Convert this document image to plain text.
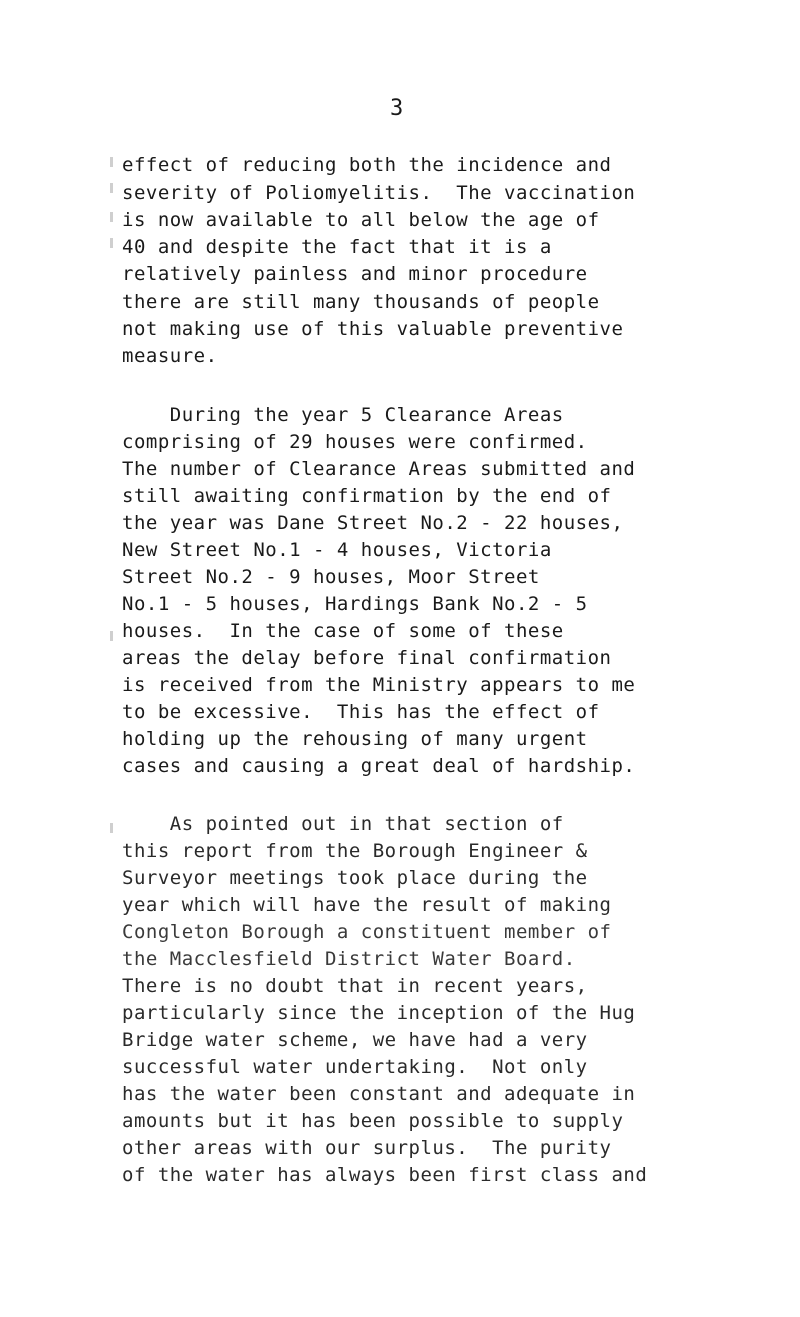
3
effect of reducing both the incidence and
severity of Poliomyelitis.  The vaccination
is now available to all below the age of
40 and despite the fact that it is a
relatively painless and minor procedure
there are still many thousands of people
not making use of this valuable preventive
measure.
During the year 5 Clearance Areas
comprising of 29 houses were confirmed.
The number of Clearance Areas submitted and
still awaiting confirmation by the end of
the year was Dane Street No.2 - 22 houses,
New Street No.1 - 4 houses, Victoria
Street No.2 - 9 houses, Moor Street
No.1 - 5 houses, Hardings Bank No.2 - 5
houses.  In the case of some of these
areas the delay before final confirmation
is received from the Ministry appears to me
to be excessive.  This has the effect of
holding up the rehousing of many urgent
cases and causing a great deal of hardship.
As pointed out in that section of
this report from the Borough Engineer &
Surveyor meetings took place during the
year which will have the result of making
Congleton Borough a constituent member of
the Macclesfield District Water Board.
There is no doubt that in recent years,
particularly since the inception of the Hug
Bridge water scheme, we have had a very
successful water undertaking.  Not only
has the water been constant and adequate in
amounts but it has been possible to supply
other areas with our surplus.  The purity
of the water has always been first class and
